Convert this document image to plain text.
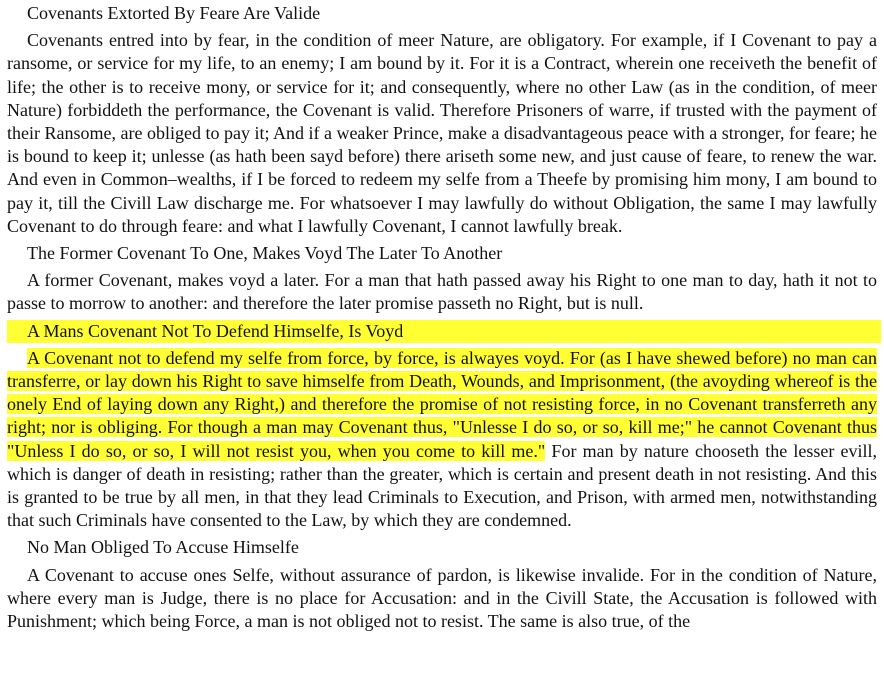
Covenants Extorted By Feare Are Valide

Covenants entred into by fear, in the condition of meer Nature, are obligatory. For example, if I Covenant to pay a ransome, or service for my life, to an enemy; I am bound by it. For it is a Contract, wherein one receiveth the benefit of life; the other is to receive mony, or service for it; and consequently, where no other Law (as in the condition, of meer Nature) forbiddeth the performance, the Covenant is valid. Therefore Prisoners of warre, if trusted with the payment of their Ransome, are obliged to pay it; And if a weaker Prince, make a disadvantageous peace with a stronger, for feare; he is bound to keep it; unlesse (as hath been sayd before) there ariseth some new, and just cause of feare, to renew the war. And even in Common–wealths, if I be forced to redeem my selfe from a Theefe by promising him mony, I am bound to pay it, till the Civill Law discharge me. For whatsoever I may lawfully do without Obligation, the same I may lawfully Covenant to do through feare: and what I lawfully Covenant, I cannot lawfully break.

The Former Covenant To One, Makes Voyd The Later To Another

A former Covenant, makes voyd a later. For a man that hath passed away his Right to one man to day, hath it not to passe to morrow to another: and therefore the later promise passeth no Right, but is null.

A Mans Covenant Not To Defend Himselfe, Is Voyd

A Covenant not to defend my selfe from force, by force, is alwayes voyd. For (as I have shewed before) no man can transferre, or lay down his Right to save himselfe from Death, Wounds, and Imprisonment, (the avoyding whereof is the onely End of laying down any Right,) and therefore the promise of not resisting force, in no Covenant transferreth any right; nor is obliging. For though a man may Covenant thus, "Unlesse I do so, or so, kill me;" he cannot Covenant thus "Unless I do so, or so, I will not resist you, when you come to kill me." For man by nature chooseth the lesser evill, which is danger of death in resisting; rather than the greater, which is certain and present death in not resisting. And this is granted to be true by all men, in that they lead Criminals to Execution, and Prison, with armed men, notwithstanding that such Criminals have consented to the Law, by which they are condemned.

No Man Obliged To Accuse Himselfe

A Covenant to accuse ones Selfe, without assurance of pardon, is likewise invalide. For in the condition of Nature, where every man is Judge, there is no place for Accusation: and in the Civill State, the Accusation is followed with Punishment; which being Force, a man is not obliged not to resist. The same is also true, of the
